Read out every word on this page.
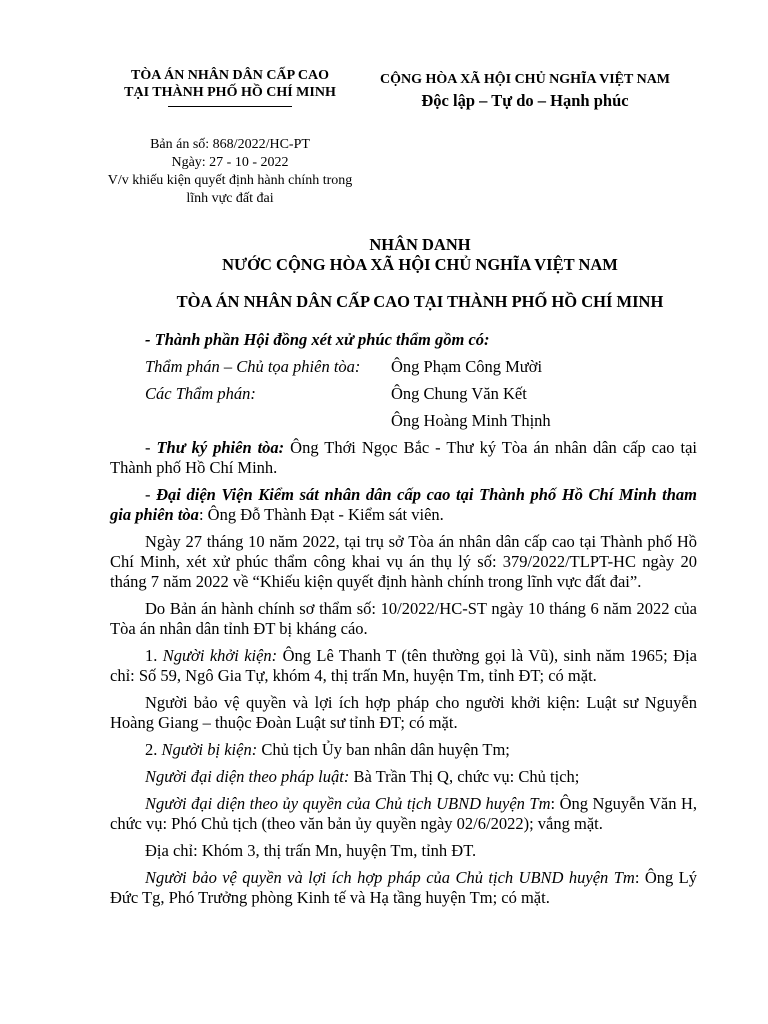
TÒA ÁN NHÂN DÂN CẤP CAO
TẠI THÀNH PHỐ HỒ CHÍ MINH
CỘNG HÒA XÃ HỘI CHỦ NGHĨA VIỆT NAM
Độc lập – Tự do – Hạnh phúc
Bản án số: 868/2022/HC-PT
Ngày: 27 - 10 - 2022
V/v khiếu kiện quyết định hành chính trong lĩnh vực đất đai
NHÂN DANH
NƯỚC CỘNG HÒA XÃ HỘI CHỦ NGHĨA VIỆT NAM
TÒA ÁN NHÂN DÂN CẤP CAO TẠI THÀNH PHỐ HỒ CHÍ MINH

- Thành phần Hội đồng xét xử phúc thẩm gồm có:

Thẩm phán – Chủ tọa phiên tòa: Ông Phạm Công Mười
Các Thẩm phán:	Ông Chung Văn Kết
Ông Hoàng Minh Thịnh

- Thư ký phiên tòa: Ông Thới Ngọc Bắc - Thư ký Tòa án nhân dân cấp cao tại Thành phố Hồ Chí Minh.

- Đại diện Viện Kiểm sát nhân dân cấp cao tại Thành phố Hồ Chí Minh tham gia phiên tòa: Ông Đỗ Thành Đạt - Kiểm sát viên.

Ngày 27 tháng 10 năm 2022, tại trụ sở Tòa án nhân dân cấp cao tại Thành phố Hồ Chí Minh, xét xử phúc thẩm công khai vụ án thụ lý số: 379/2022/TLPT-HC ngày 20 tháng 7 năm 2022 về “Khiếu kiện quyết định hành chính trong lĩnh vực đất đai”.

Do Bản án hành chính sơ thẩm số: 10/2022/HC-ST ngày 10 tháng 6 năm 2022 của Tòa án nhân dân tỉnh ĐT bị kháng cáo.

1. Người khởi kiện: Ông Lê Thanh T (tên thường gọi là Vũ), sinh năm 1965; Địa chỉ: Số 59, Ngô Gia Tự, khóm 4, thị trấn Mn, huyện Tm, tỉnh ĐT; có mặt.

Người bảo vệ quyền và lợi ích hợp pháp cho người khởi kiện: Luật sư Nguyễn Hoàng Giang – thuộc Đoàn Luật sư tỉnh ĐT; có mặt.

2. Người bị kiện: Chủ tịch Ủy ban nhân dân huyện Tm;

Người đại diện theo pháp luật: Bà Trần Thị Q, chức vụ: Chủ tịch;

Người đại diện theo ủy quyền của Chủ tịch UBND huyện Tm: Ông Nguyễn Văn H, chức vụ: Phó Chủ tịch (theo văn bản ủy quyền ngày 02/6/2022); vắng mặt.

Địa chỉ: Khóm 3, thị trấn Mn, huyện Tm, tỉnh ĐT.

Người bảo vệ quyền và lợi ích hợp pháp của Chủ tịch UBND huyện Tm: Ông Lý Đức Tg, Phó Trưởng phòng Kinh tế và Hạ tầng huyện Tm; có mặt.
